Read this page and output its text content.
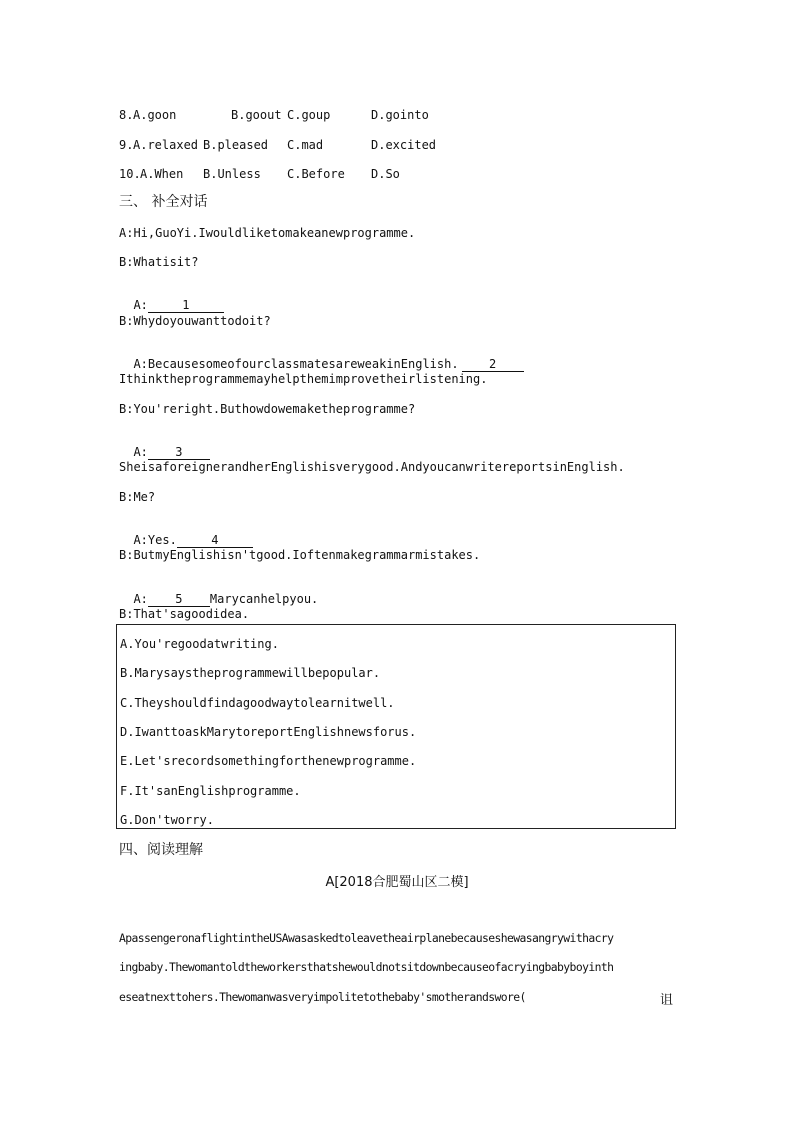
8. A.goon	B.goout C.goup	D.gointo
9. A.relaxed B.pleased C.mad	D.excited
10. A.When B.Unless C.Before D.So
三、 补全对话
A:Hi,GuoYi.Iwouldliketomakeanewprogramme.
B:Whatisit?

A:	1

B:Whydoyouwanttodoit?

A:BecausesomeofourclassmatesareweakinEnglish.	2

Ithinktheprogrammemayhelpthemimprovetheirlistening.
B:You'reright.Buthowdowemaketheprogramme?

A: 3

SheisaforeignerandherEnglishisverygood.AndyoucanwritereportsinEnglish.
B:Me?

A:Yes.	4

B:ButmyEnglishisn'tgood.Ioftenmakegrammarmistakes.

A: 5 Marycanhelpyou.

B:That'sagoodidea.
A.You'regoodatwriting.
B.Marysaystheprogrammewillbepopular.
C.Theyshouldfindagoodwaytolearnitwell.
D.IwanttoaskMarytoreportEnglishnewsforus.
E.Let'srecordsomethingforthenewprogramme.
F.It'sanEnglishprogramme.
G.Don'tworry.
四、阅读理解
A[2018合肥蜀山区二模]
ApassengeronaflightintheUSAwasaskedtoleavetheairplanebecauseshewasangrywithacry
ingbaby.Thewomantoldtheworkersthatshewouldnotsitdownbecauseofacryingbabyboyinth
eseatnexttohers.Thewomanwasveryimpolitetothebaby'smotherandswore(	诅
